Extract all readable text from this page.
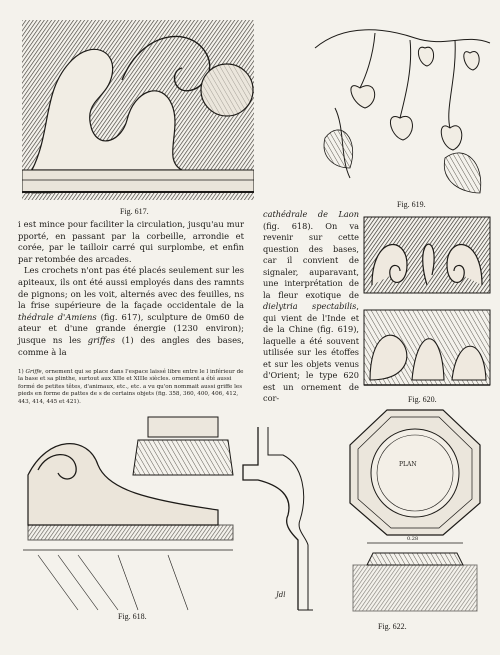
A. GUILLOMET.
Fig. 617.
Fig. 619.

i est mince pour faciliter la circulation, jusqu'au mur pporté, en passant par la corbeille, arrondie et corée, par le tailloir carré qui surplombe, et enfin par retombée des arcades.

Les crochets n'ont pas été placés seulement sur les apiteaux, ils ont été aussi employés dans des ramnts de pignons; on les voit, alternés avec des feuilles, ns la frise supérieure de la façade occidentale de la thédrale d'Amiens (fig. 617), sculpture de 0m60 de ateur et d'une grande énergie (1230 environ); jusque ns les griffes (1) des angles des bases, comme à la

1) Griffe, ornement qui se place dans l'espace laissé libre entre le l inférieur de la base et sa plinthe, surtout aux XIIe et XIIIe siècles. ornement a été aussi formé de petites têtes, d'animaux, etc., etc. a vu qu'on nommait aussi griffe les pieds en forme de pattes de s de certains objets (fig. 358, 360, 400, 406, 412, 443, 414, 445 et 421).
cathédrale de Laon (fig. 618). On va revenir sur cette question des bases, car il convient de signaler, auparavant, une interprétation de la fleur exotique de dielytria spectabilis, qui vient de l'Inde et de la Chine (fig. 619), laquelle a été souvent utilisée sur les étoffes et sur les objets venus d'Orient; le type 620 est un ornement de cor-	Fig. 620.
Fig. 618.
Jdl
PLAN
0.28
Fig. 622.
